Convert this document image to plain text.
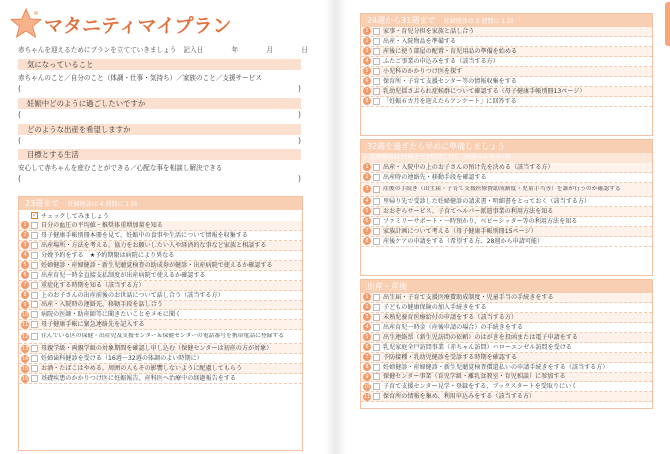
マタニティマイプラン
赤ちゃんを迎えるためにプランを立てていきましょう 記入日	年	月	日
気になっていること
赤ちゃんのこと／自分のこと（体調・仕事・気持ち）／家族のこと／支援サービス
(	)
妊娠中どのように過ごしたいですか
(	)
どのような出産を希望しますか
(	)
目標とする生活
安心して赤ちゃんを産むことができる／心配な事を相談し解決できる
(	)
23週まで 妊婦健診は 4 週間に 1 回
✓ チェックしてみましょう
1	自分の血圧の平均値・推奨体重増加量を知る
2	母子健康手帳別冊本冊を見て、妊娠中の食事や生活について情報を収集する
3	出産場所・方法を考える。協力をお願いしたい人や経済的な事など家族と相談する
4	分娩予約をする　★予約期限は病院により異なる
5	妊婦健診・産婦健診・新生児聴覚検査の助成券が健診・出産病院で使えるか確認する
6	出産育児一時金直接支払制度が出産病院で使えるか確認する
7	重症化する時期を知る（該当する方）
8	上のお子さんの出産前後のお世話について話し合う（該当する方）
9	出産・入院時の連絡先、移動手段を話し合う
10 病院の医師・助産師等に聞きたいことをメモに聞く
11 母子健康手帳に緊急連絡先を記入する
12 住んでいる区の保健・出産児及支援センター＆保健センターの電話番号を携帯電話に登録する
13 母親学級・両親学級の対象期間を確認し申し込む（保健センターは初産の方が対象）
14 妊婦歯科健診を受ける（16週～32週の体調のよい時期に）
15 お酒・たばこはやめる。周囲の人もその影響しないように配慮してもらう
16 基礎疾患のかかりつけ医に妊娠報告、産科医へ治療中の経過報告をする
24週から31週まで 妊婦健診は 2 週間に 1 回
1	家事・育児分担を家族と話し合う
2	出産・入院物品を準備する
3	産後に使う部屋の配置・育児用品の準備を始める
4	ふたご事業の申込みをする（該当する方）
5	小児科のかかりつけ医を探す
6	保育所・子育て支援センター等の情報収集をする
7	乳幼児揺さぶられ症候群について確認する（母子健康手帳別冊13ページ）
8	「妊娠６カ月を迎えたらアンケート」に回答する
32週を過ぎたら早めに準備しましょう
妊婦健診は35週まで2週間に1回、36週から毎週1回
1	出産・入院中の上のお子さんの預け先を決める（該当する方）
2	出産時の連絡先・移動手段を確認する
3	産後の手続き（出生届・子育て支援医療費助成制度・児童手当等）を誰が行うのか確認する
4	里帰り先で受診した妊婦健診の請求書・明細書をとっておく（該当する方）
5	おおぞらサービス、子育てヘルパー派遣事業の利用方法を知る
6	ファミリーサポート・一時預かり、ベビーシッター等の利用方法を知る
7	家族計画について考える（母子健康手帳別冊15ページ）
8	産後ケアの申請をする（希望する方、28週から申請可能）
出産・産後
1	出生届・子育て支援医療費助成制度・児童手当の手続きをする
2	子どもの健康保険の加入手続きをする
3	未熟児養育医療給付の申請をする（該当する方）
4	出産育児一時金（産後申請の場合）の手続きをする
5	出生連絡票（新生児訪問の依頼）のはがきを投函または電子申請をする
6	乳児家庭全戸訪問事業（赤ちゃん訪問）ハローエンゼル訪問を受ける
7	予防接種・乳幼児健診を受診する時期を確認する
8	妊婦健診・産婦健診・新生児聴覚検査償還払いの申請手続きをする（該当する方）
9	保健センター事業（育児学級・離乳食教室・育児相談）に参加する
10 子育て支援センター見学・登録をする、ブックスタートを受取りにいく
11 保育所の情報を集め、利用申込みをする（該当する方）
